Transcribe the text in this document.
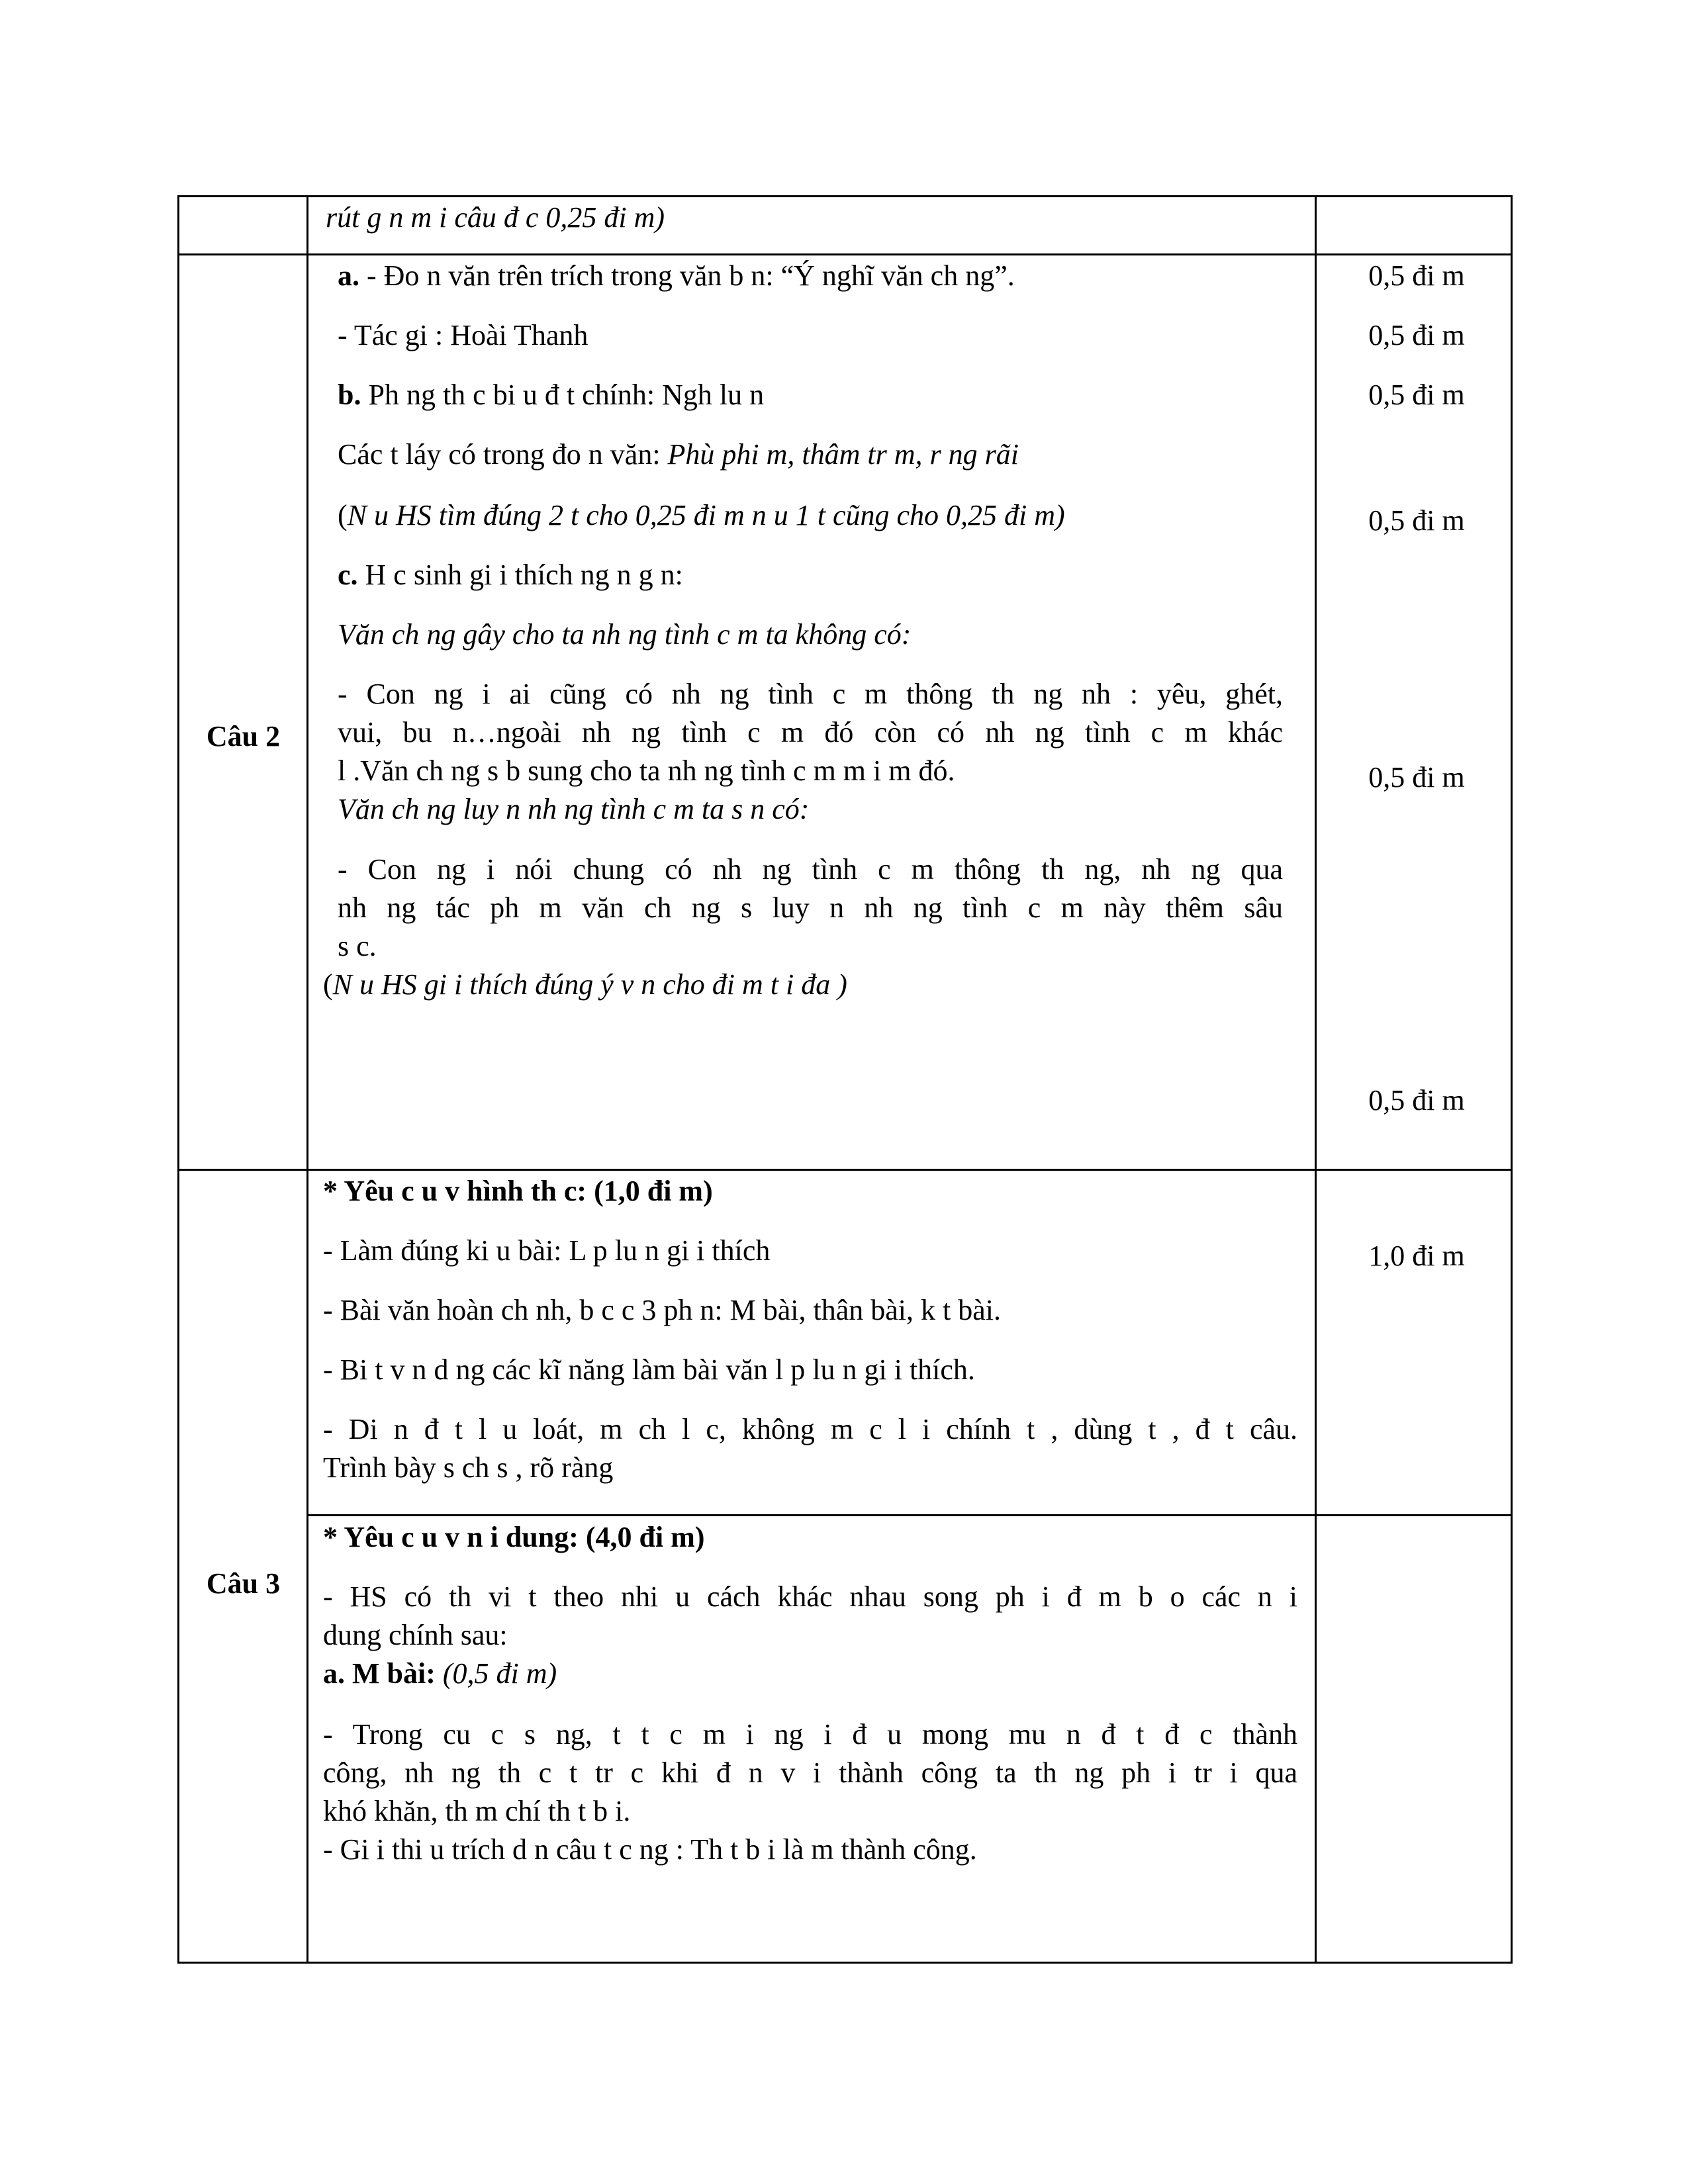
rút g n m i câu đ c 0,25 đi m)
Câu 2
a. - Đo n văn trên trích trong văn b n: “Ý nghĩ văn ch ng”.
- Tác gi : Hoài Thanh
b. Ph ng th c bi u đ t chính: Ngh lu n
Các t láy có trong đo n văn: Phù phi m, thâm tr m, r ng rãi
(N u HS tìm đúng 2 t cho 0,25 đi m n u 1 t cũng cho 0,25 đi m)
c. H c sinh gi i thích ng n g n:
Văn ch ng gây cho ta nh ng tình c m ta không có:
- Con ng i ai cũng có nh ng tình c m thông th ng nh : yêu, ghét,
vui, bu n…ngoài nh ng tình c m đó còn có nh ng tình c m khác
l .Văn ch ng s b sung cho ta nh ng tình c m m i m đó.
Văn ch ng luy n nh ng tình c m ta s n có:
- Con ng i nói chung có nh ng tình c m thông th ng, nh ng qua
nh ng tác ph m văn ch ng s luy n nh ng tình c m này thêm sâu
s c.
(N u HS gi i thích đúng ý v n cho đi m t i đa )
0,5 đi m
0,5 đi m
0,5 đi m
0,5 đi m
0,5 đi m
0,5 đi m
Câu 3
* Yêu c u v hình th c: (1,0 đi m)
- Làm đúng ki u bài: L p lu n gi i thích
- Bài văn hoàn ch nh, b c c 3 ph n: M bài, thân bài, k t bài.
- Bi t v n d ng các kĩ năng làm bài văn l p lu n gi i thích.
- Di n đ t l u loát, m ch l c, không m c l i chính t , dùng t , đ t câu.
Trình bày s ch s , rõ ràng
1,0 đi m
* Yêu c u v n i dung: (4,0 đi m)
- HS có th vi t theo nhi u cách khác nhau song ph i đ m b o các n i
dung chính sau:
a. M bài: (0,5 đi m)
- Trong cu c s ng, t t c m i ng i đ u mong mu n đ t đ c thành
công, nh ng th c t tr c khi đ n v i thành công ta th ng ph i tr i qua
khó khăn, th m chí th t b i.
- Gi i thi u trích d n câu t c ng : Th t b i là m thành công.
